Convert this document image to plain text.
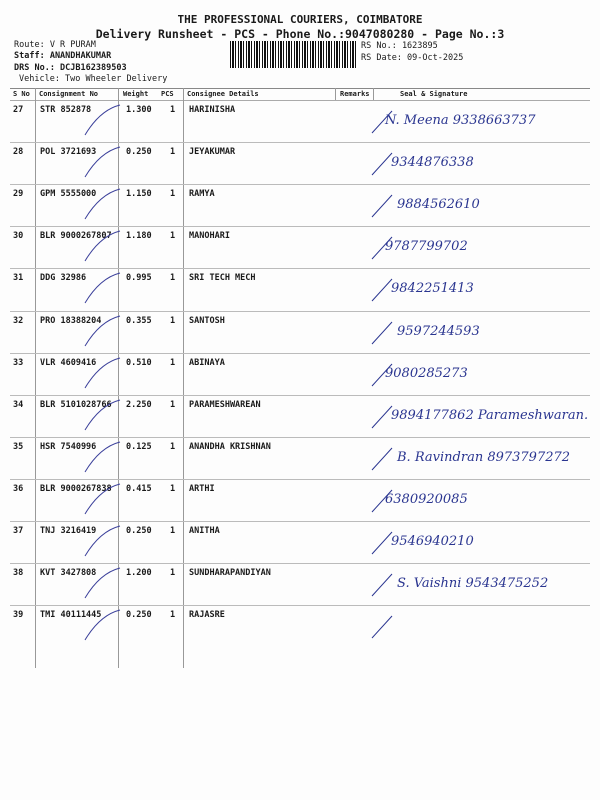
THE PROFESSIONAL COURIERS, COIMBATORE
Delivery Runsheet - PCS - Phone No.:9047080280 - Page No.:3
Route: V R PURAM
Staff: ANANDHAKUMAR
DRS No.: DCJB162389503
Vehicle: Two Wheeler Delivery
RS No.: 1623895
RS Date: 09-Oct-2025
S No Consignment No	Weight PCS Consignee Details	Remarks	Seal & Signature
27 STR 852878	1.300 1 HARINISHA
N. Meena 9338663737
28 POL 3721693	0.250 1 JEYAKUMAR
9344876338
29 GPM 5555000	1.150 1 RAMYA
9884562610
30 BLR 9000267807 1.180 1 MANOHARI
9787799702
31 DDG 32986	0.995 1 SRI TECH MECH
9842251413
32 PRO 18388204	0.355 1 SANTOSH
9597244593
33 VLR 4609416	0.510 1 ABINAYA
9080285273
34 BLR 5101028766 2.250 1 PARAMESHWAREAN
9894177862 Parameshwaran.
35 HSR 7540996	0.125 1 ANANDHA KRISHNAN
B. Ravindran 8973797272
36 BLR 9000267838 0.415 1 ARTHI
6380920085
37 TNJ 3216419	0.250 1 ANITHA
9546940210
38 KVT 3427808	1.200 1 SUNDHARAPANDIYAN
S. Vaishni 9543475252
39 TMI 40111445	0.250 1 RAJASRE
